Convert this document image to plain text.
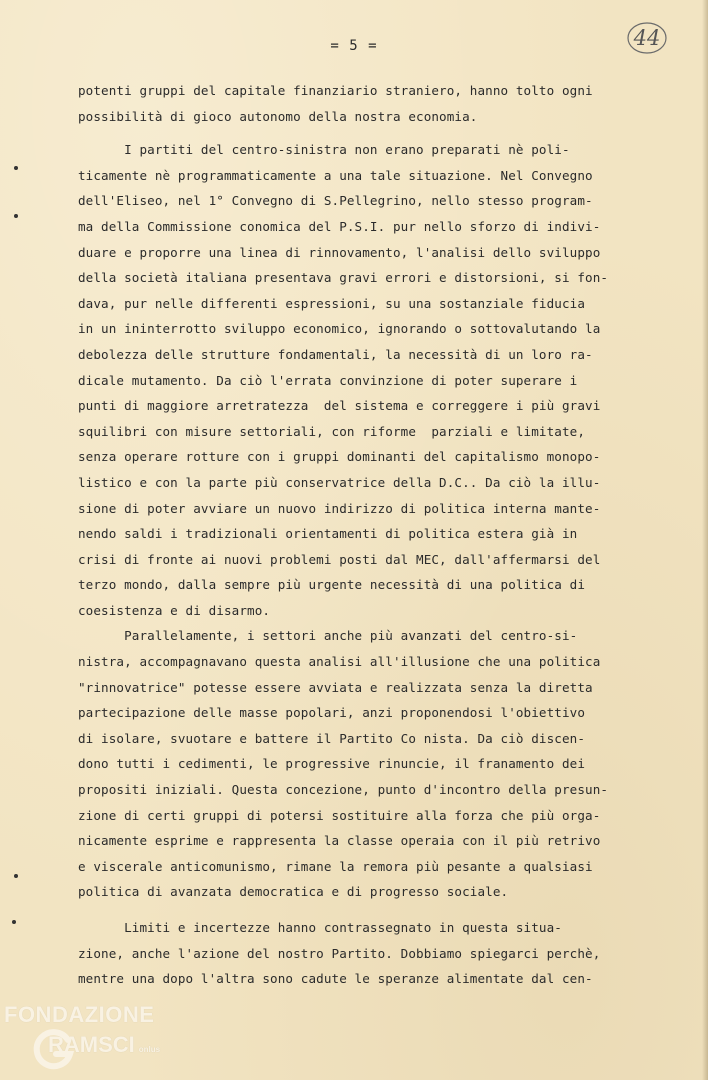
= 5 =	44
potenti gruppi del capitale finanziario straniero, hanno tolto ogni
possibilità di gioco autonomo della nostra economia.
I partiti del centro-sinistra non erano preparati nè poli-
ticamente nè programmaticamente a una tale situazione. Nel Convegno
dell'Eliseo, nel 1° Convegno di S.Pellegrino, nello stesso program-
ma della Commissione conomica del P.S.I. pur nello sforzo di indivi-
duare e proporre una linea di rinnovamento, l'analisi dello sviluppo
della società italiana presentava gravi errori e distorsioni, si fon-
dava, pur nelle differenti espressioni, su una sostanziale fiducia
in un ininterrotto sviluppo economico, ignorando o sottovalutando la
debolezza delle strutture fondamentali, la necessità di un loro ra-
dicale mutamento. Da ciò l'errata convinzione di poter superare i
punti di maggiore arretratezza  del sistema e correggere i più gravi
squilibri con misure settoriali, con riforme  parziali e limitate,
senza operare rotture con i gruppi dominanti del capitalismo monopo-
listico e con la parte più conservatrice della D.C.. Da ciò la illu-
sione di poter avviare un nuovo indirizzo di politica interna mante-
nendo saldi i tradizionali orientamenti di politica estera già in
crisi di fronte ai nuovi problemi posti dal MEC, dall'affermarsi del
terzo mondo, dalla sempre più urgente necessità di una politica di
coesistenza e di disarmo.
Parallelamente, i settori anche più avanzati del centro-si-
nistra, accompagnavano questa analisi all'illusione che una politica
"rinnovatrice" potesse essere avviata e realizzata senza la diretta
partecipazione delle masse popolari, anzi proponendosi l'obiettivo
di isolare, svuotare e battere il Partito Co nista. Da ciò discen-
dono tutti i cedimenti, le progressive rinuncie, il franamento dei
propositi iniziali. Questa concezione, punto d'incontro della presun-
zione di certi gruppi di potersi sostituire alla forza che più orga-
nicamente esprime e rappresenta la classe operaia con il più retrivo
e viscerale anticomunismo, rimane la remora più pesante a qualsiasi
politica di avanzata democratica e di progresso sociale.
Limiti e incertezze hanno contrassegnato in questa situa-
zione, anche l'azione del nostro Partito. Dobbiamo spiegarci perchè,
mentre una dopo l'altra sono cadute le speranze alimentate dal cen-
FONDAZIONE
RAMSCI onlus
